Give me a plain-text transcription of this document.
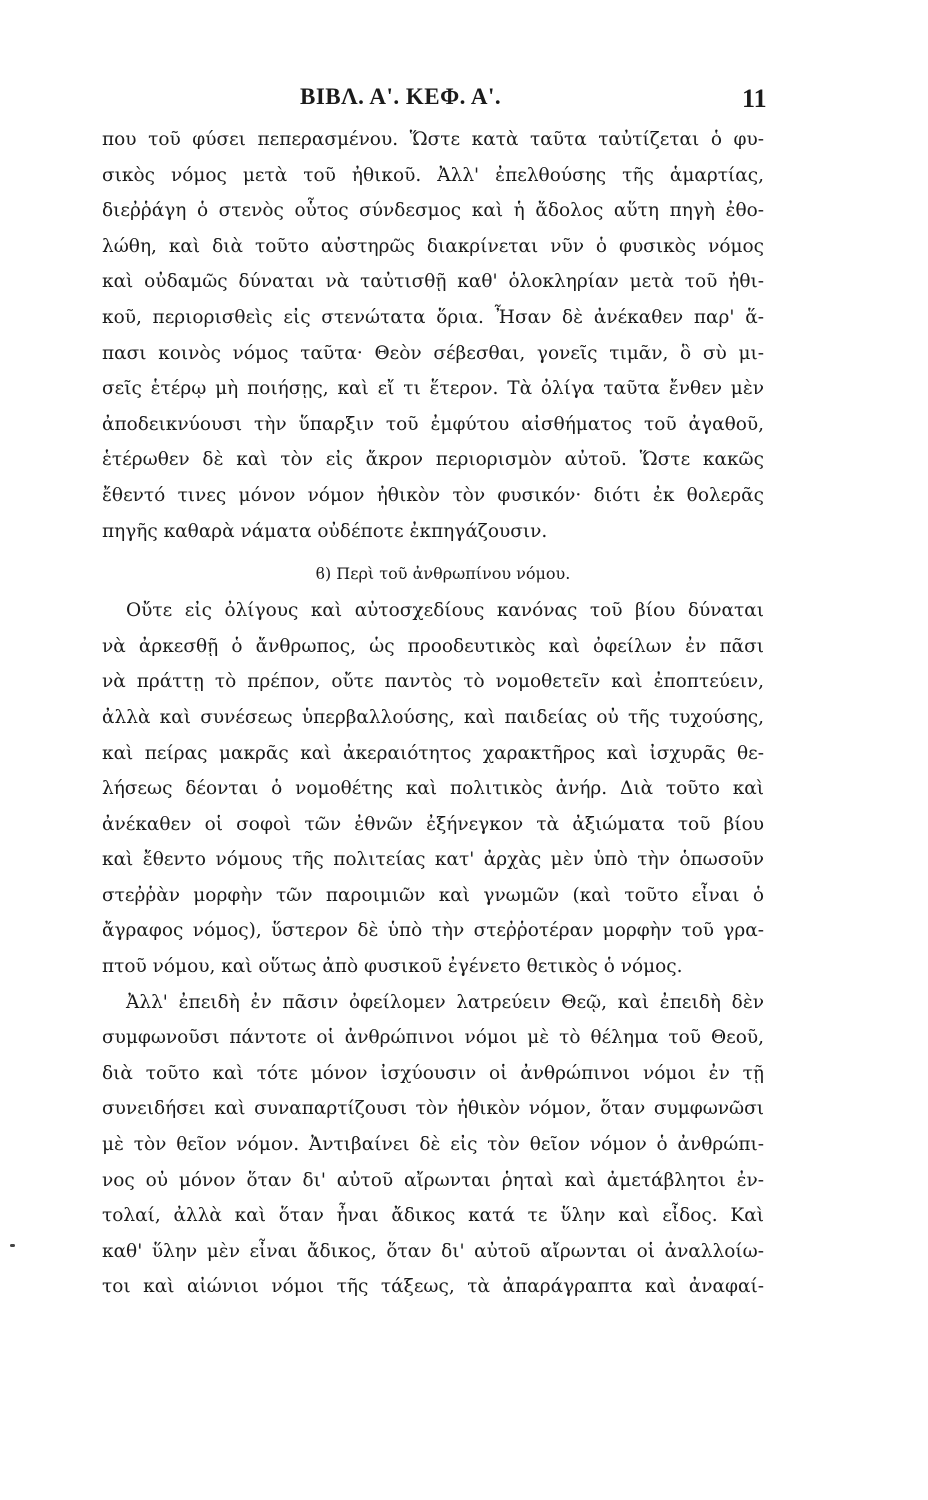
ΒΙΒΛ. Α'. ΚΕΦ. Α'.	11
που τοῦ φύσει πεπερασμένου. Ὥστε κατὰ ταῦτα ταὐτίζεται ὁ φυ-
σικὸς νόμος μετὰ τοῦ ἠθικοῦ. Ἀλλ' ἐπελθούσης τῆς ἁμαρτίας,
διεῤῥάγη ὁ στενὸς οὗτος σύνδεσμος καὶ ἡ ἄδολος αὕτη πηγὴ ἐθο-
λώθη, καὶ διὰ τοῦτο αὐστηρῶς διακρίνεται νῦν ὁ φυσικὸς νόμος
καὶ οὐδαμῶς δύναται νὰ ταὐτισθῇ καθ' ὁλοκληρίαν μετὰ τοῦ ἠθι-
κοῦ, περιορισθεὶς εἰς στενώτατα ὅρια. Ἦσαν δὲ ἀνέκαθεν παρ' ἅ-
πασι κοινὸς νόμος ταῦτα· Θεὸν σέβεσθαι, γονεῖς τιμᾶν, ὃ σὺ μι-
σεῖς ἑτέρῳ μὴ ποιήσῃς, καὶ εἴ τι ἕτερον. Τὰ ὀλίγα ταῦτα ἔνθεν μὲν
ἀποδεικνύουσι τὴν ὕπαρξιν τοῦ ἐμφύτου αἰσθήματος τοῦ ἀγαθοῦ,
ἑτέρωθεν δὲ καὶ τὸν εἰς ἄκρον περιορισμὸν αὐτοῦ. Ὥστε κακῶς
ἔθεντό τινες μόνον νόμον ἠθικὸν τὸν φυσικόν· διότι ἐκ θολερᾶς
πηγῆς καθαρὰ νάματα οὐδέποτε ἐκπηγάζουσιν.
ϐ) Περὶ τοῦ ἀνθρωπίνου νόμου.
Οὔτε εἰς ὀλίγους καὶ αὐτοσχεδίους κανόνας τοῦ βίου δύναται
νὰ ἀρκεσθῇ ὁ ἄνθρωπος, ὡς προοδευτικὸς καὶ ὀφείλων ἐν πᾶσι
νὰ πράττῃ τὸ πρέπον, οὔτε παντὸς τὸ νομοθετεῖν καὶ ἐποπτεύειν,
ἀλλὰ καὶ συνέσεως ὑπερβαλλούσης, καὶ παιδείας οὐ τῆς τυχούσης,
καὶ πείρας μακρᾶς καὶ ἀκεραιότητος χαρακτῆρος καὶ ἰσχυρᾶς θε-
λήσεως δέονται ὁ νομοθέτης καὶ πολιτικὸς ἀνήρ. Διὰ τοῦτο καὶ
ἀνέκαθεν οἱ σοφοὶ τῶν ἐθνῶν ἐξήνεγκον τὰ ἀξιώματα τοῦ βίου
καὶ ἔθεντο νόμους τῆς πολιτείας κατ' ἀρχὰς μὲν ὑπὸ τὴν ὁπωσοῦν
στεῤῥὰν μορφὴν τῶν παροιμιῶν καὶ γνωμῶν (καὶ τοῦτο εἶναι ὁ
ἄγραφος νόμος), ὕστερον δὲ ὑπὸ τὴν στεῤῥοτέραν μορφὴν τοῦ γρα-
πτοῦ νόμου, καὶ οὕτως ἀπὸ φυσικοῦ ἐγένετο θετικὸς ὁ νόμος.
Ἀλλ' ἐπειδὴ ἐν πᾶσιν ὀφείλομεν λατρεύειν Θεῷ, καὶ ἐπειδὴ δὲν
συμφωνοῦσι πάντοτε οἱ ἀνθρώπινοι νόμοι μὲ τὸ θέλημα τοῦ Θεοῦ,
διὰ τοῦτο καὶ τότε μόνον ἰσχύουσιν οἱ ἀνθρώπινοι νόμοι ἐν τῇ
συνειδήσει καὶ συναπαρτίζουσι τὸν ἠθικὸν νόμον, ὅταν συμφωνῶσι
μὲ τὸν θεῖον νόμον. Ἀντιβαίνει δὲ εἰς τὸν θεῖον νόμον ὁ ἀνθρώπι-
νος οὐ μόνον ὅταν δι' αὐτοῦ αἴρωνται ῥηταὶ καὶ ἀμετάβλητοι ἐν-
τολαί, ἀλλὰ καὶ ὅταν ἦναι ἄδικος κατά τε ὕλην καὶ εἶδος. Καὶ
καθ' ὕλην μὲν εἶναι ἄδικος, ὅταν δι' αὐτοῦ αἴρωνται οἱ ἀναλλοίω-
τοι καὶ αἰώνιοι νόμοι τῆς τάξεως, τὰ ἀπαράγραπτα καὶ ἀναφαί-
